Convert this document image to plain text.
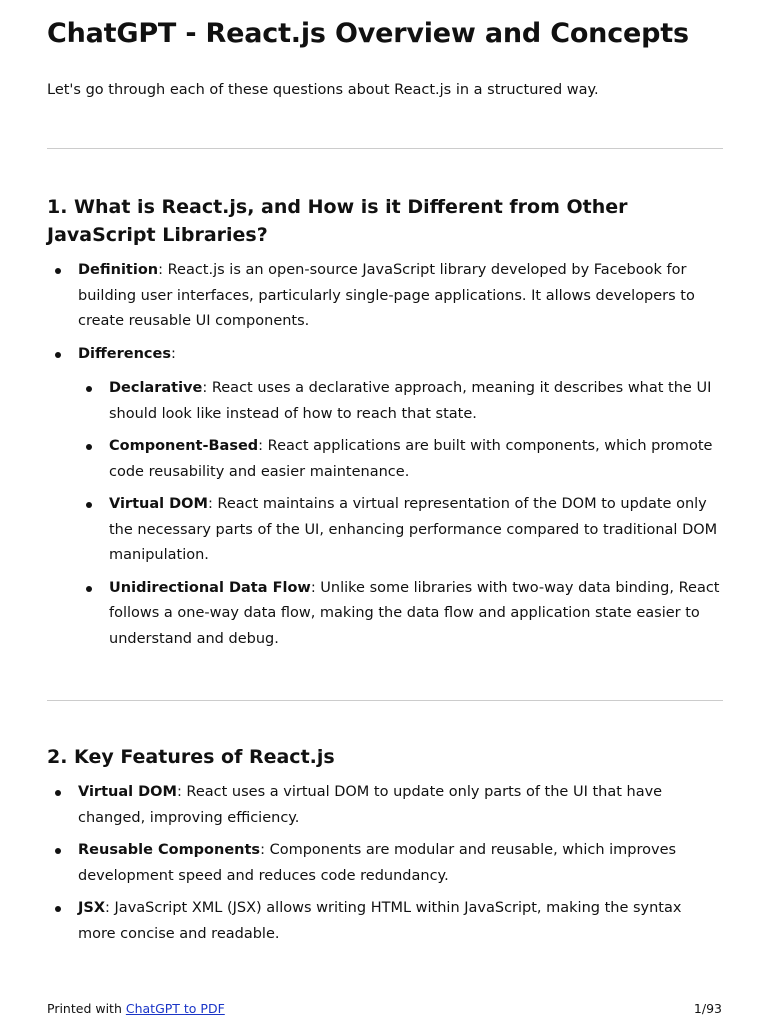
ChatGPT - React.js Overview and Concepts

Let's go through each of these questions about React.js in a structured way.

1. What is React.js, and How is it Different from Other JavaScript Libraries?
Definition: React.js is an open-source JavaScript library developed by Facebook for building user interfaces, particularly single-page applications. It allows developers to create reusable UI components.
Differences:
Declarative: React uses a declarative approach, meaning it describes what the UI should look like instead of how to reach that state.
Component-Based: React applications are built with components, which promote code reusability and easier maintenance.
Virtual DOM: React maintains a virtual representation of the DOM to update only the necessary parts of the UI, enhancing performance compared to traditional DOM manipulation.
Unidirectional Data Flow: Unlike some libraries with two-way data binding, React follows a one-way data flow, making the data flow and application state easier to understand and debug.
2. Key Features of React.js
Virtual DOM: React uses a virtual DOM to update only parts of the UI that have changed, improving efficiency.
Reusable Components: Components are modular and reusable, which improves development speed and reduces code redundancy.
JSX: JavaScript XML (JSX) allows writing HTML within JavaScript, making the syntax more concise and readable.
Printed with ChatGPT to PDF	1/93
